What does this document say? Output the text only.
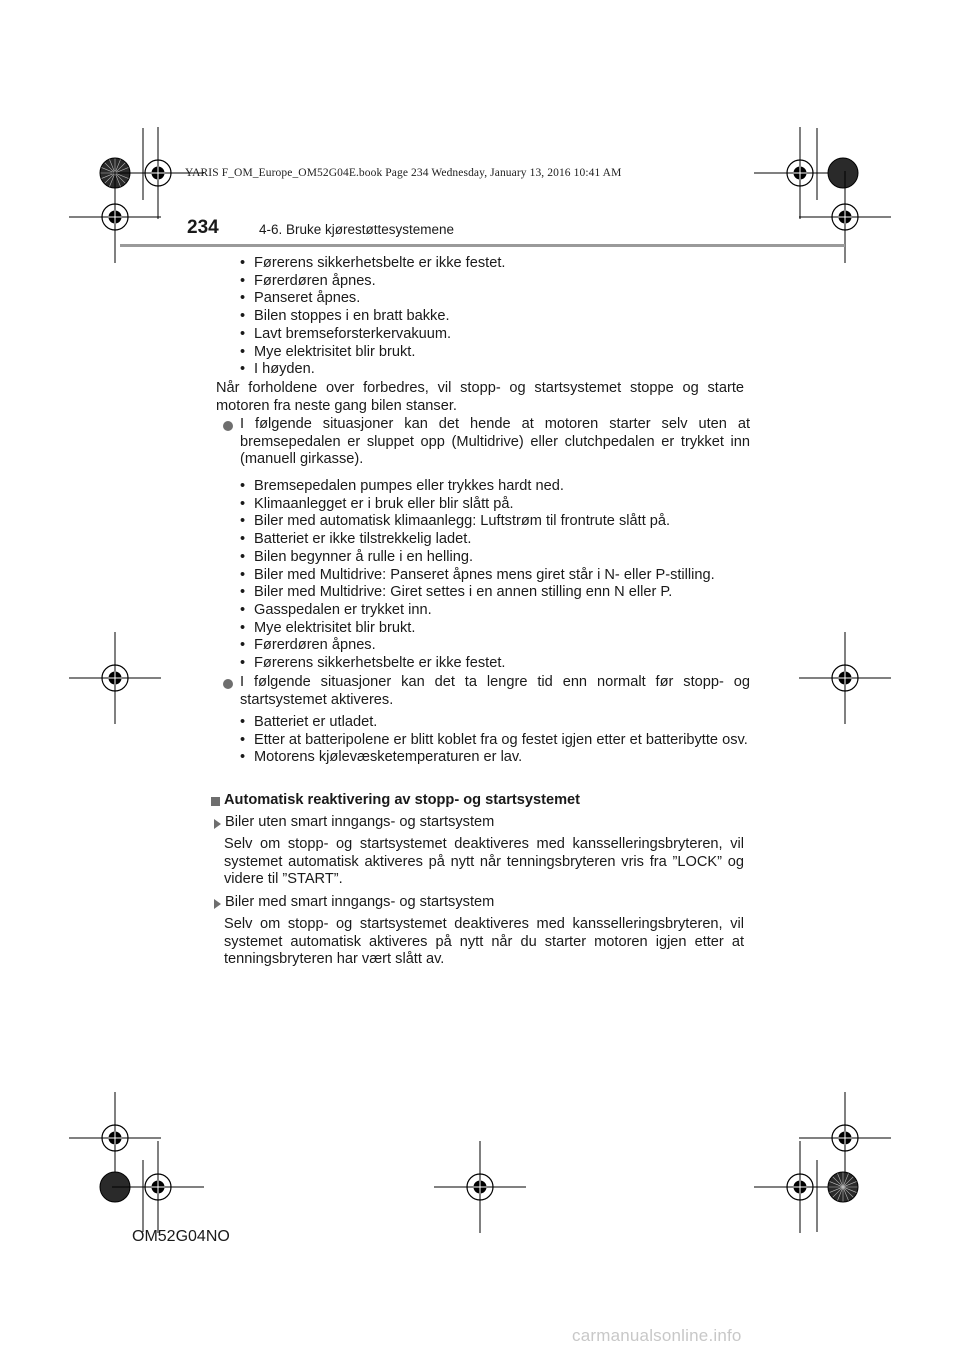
YARIS F_OM_Europe_OM52G04E.book Page 234 Wednesday, January 13, 2016 10:41 AM
234	4-6. Bruke kjørestøttesystemene
• Førerens sikkerhetsbelte er ikke festet.
• Førerdøren åpnes.
• Panseret åpnes.
• Bilen stoppes i en bratt bakke.
• Lavt bremseforsterkervakuum.
• Mye elektrisitet blir brukt.
• I høyden.
Når forholdene over forbedres, vil stopp- og startsystemet stoppe og starte motoren fra neste gang bilen stanser.
I følgende situasjoner kan det hende at motoren starter selv uten at bremsepedalen er sluppet opp (Multidrive) eller clutchpedalen er trykket inn (manuell girkasse).
• Bremsepedalen pumpes eller trykkes hardt ned.
• Klimaanlegget er i bruk eller blir slått på.
• Biler med automatisk klimaanlegg: Luftstrøm til frontrute slått på.
• Batteriet er ikke tilstrekkelig ladet.
• Bilen begynner å rulle i en helling.
• Biler med Multidrive: Panseret åpnes mens giret står i N- eller P-stilling.
• Biler med Multidrive: Giret settes i en annen stilling enn N eller P.
• Gasspedalen er trykket inn.
• Mye elektrisitet blir brukt.
• Førerdøren åpnes.
• Førerens sikkerhetsbelte er ikke festet.
I følgende situasjoner kan det ta lengre tid enn normalt før stopp- og startsystemet aktiveres.
• Batteriet er utladet.
• Etter at batteripolene er blitt koblet fra og festet igjen etter et batteribytte osv.
• Motorens kjølevæsketemperaturen er lav.
Automatisk reaktivering av stopp- og startsystemet
Biler uten smart inngangs- og startsystem
Selv om stopp- og startsystemet deaktiveres med kansselleringsbryteren, vil systemet automatisk aktiveres på nytt når tenningsbryteren vris fra ”LOCK” og videre til ”START”.
Biler med smart inngangs- og startsystem
Selv om stopp- og startsystemet deaktiveres med kansselleringsbryteren, vil systemet automatisk aktiveres på nytt når du starter motoren igjen etter at tenningsbryteren har vært slått av.
OM52G04NO
carmanualsonline.info
